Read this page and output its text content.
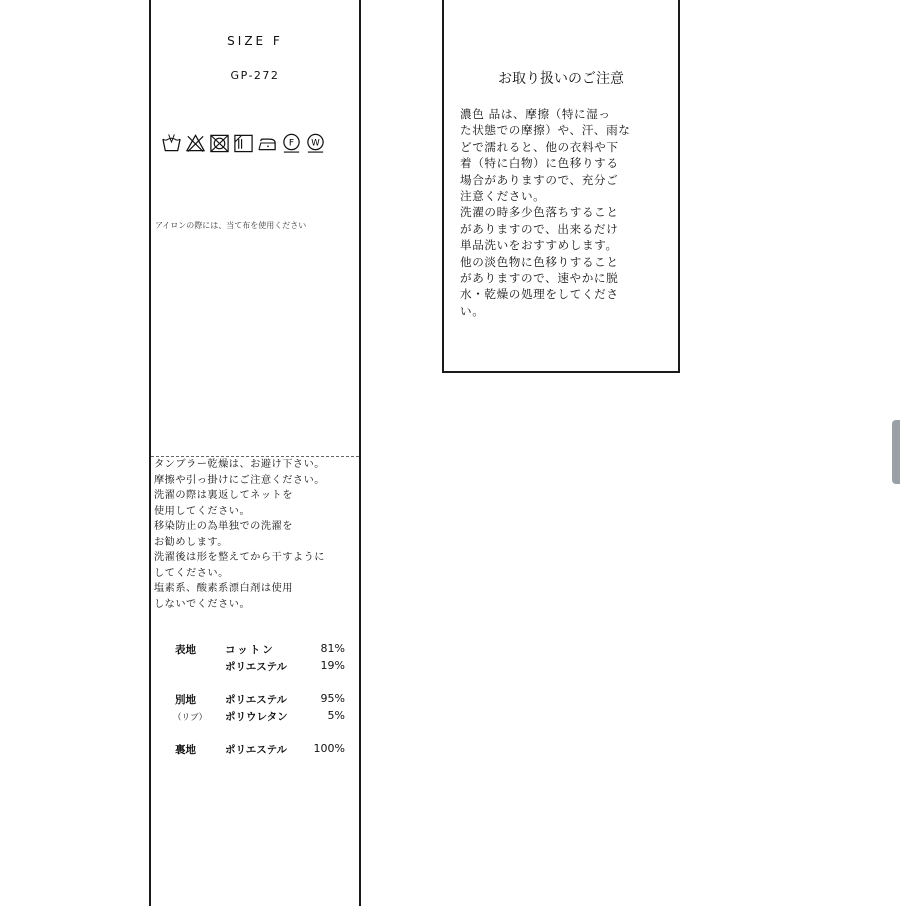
SIZE F
GP-272
F W
アイロンの際には、当て布を使用ください
タンブラー乾燥は、お避け下さい。
摩擦や引っ掛けにご注意ください。
洗濯の際は裏返してネットを
使用してください。
移染防止の為単独での洗濯を
お勧めします。
洗濯後は形を整えてから干すように
してください。
塩素系、酸素系漂白剤は使用
しないでください。
表地	コットン	81%
ポリエステル	19%
別地	ポリエステル	95%
（リブ） ポリウレタン	5%
裏地	ポリエステル 100%
お取り扱いのご注意
濃色 品は、摩擦（特に湿っ
た状態での摩擦）や、汗、雨な
どで濡れると、他の衣料や下
着（特に白物）に色移りする
場合がありますので、充分ご
注意ください。
洗濯の時多少色落ちすること
がありますので、出来るだけ
単品洗いをおすすめします。
他の淡色物に色移りすること
がありますので、速やかに脱
水・乾燥の処理をしてくださ
い。
